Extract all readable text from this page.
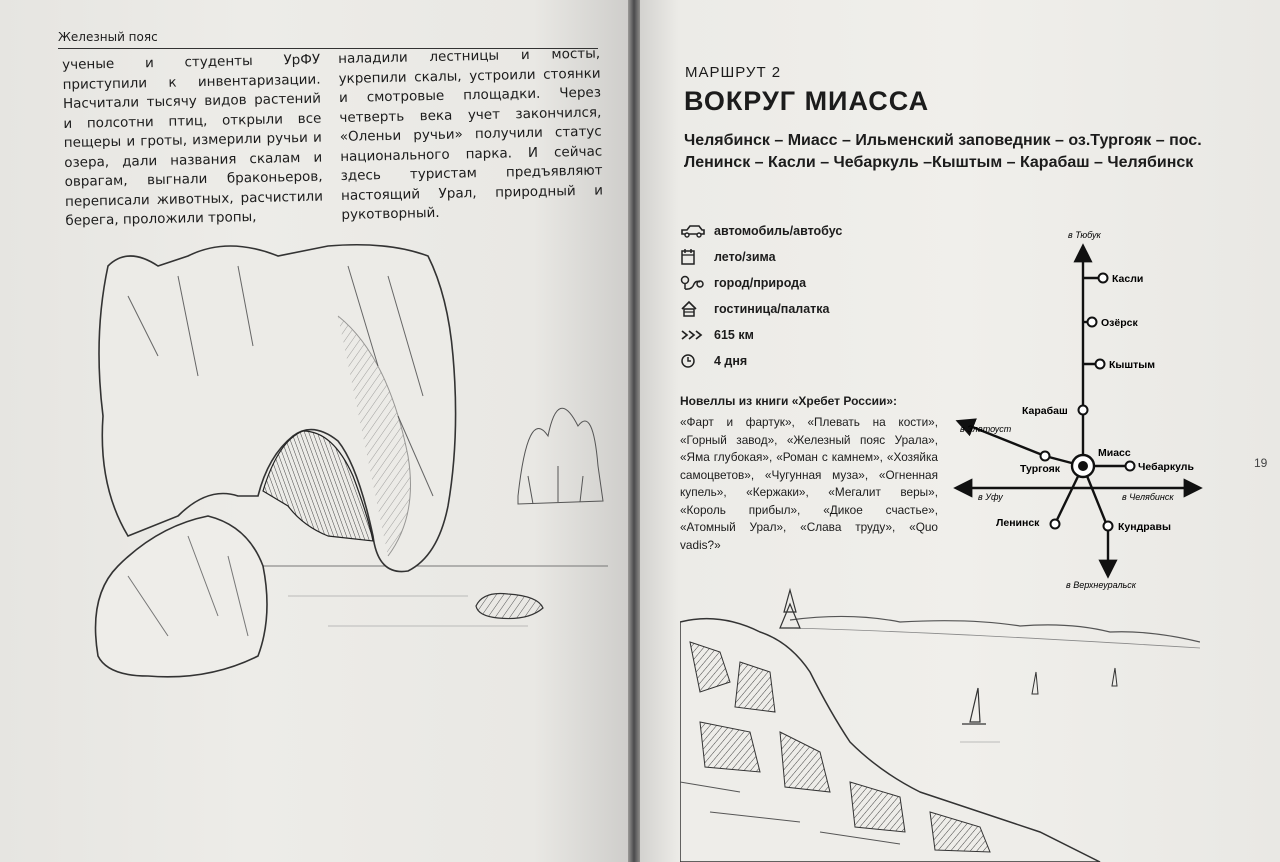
Железный пояс

ученые и студенты УрФУ приступили к инвентаризации. Насчитали тысячу видов растений и полсотни птиц, открыли все пещеры и гроты, измерили ручьи и озера, дали названия скалам и оврагам, выгнали браконьеров, переписали животных, расчистили берега, проложили тропы,

наладили лестницы и мосты, укрепили скалы, устроили стоянки и смотровые площадки. Через четверть века учет закончился, «Оленьи ручьи» получили статус национального парка. И сейчас здесь туристам предъявляют настоящий Урал, природный и рукотворный.

МАРШРУТ 2
ВОКРУГ МИАССА
Челябинск – Миасс – Ильменский заповедник – оз.Тургояк – пос. Ленинск – Касли – Чебаркуль –Кыштым – Карабаш – Челябинск
автомобиль/автобус
лето/зима
город/природа
гостиница/палатка
615 км
4 дня
Новеллы из книги «Хребет России»:
«Фарт и фартук», «Плевать на кости», «Горный завод», «Железный пояс Урала», «Яма глубокая», «Роман с камнем», «Хозяйка самоцветов», «Чугунная муза», «Огненная купель», «Кержаки», «Мегалит веры», «Король прибыл», «Дикое счастье», «Атомный Урал», «Слава труду», «Quo vadis?»
в Тюбук
Касли
Озёрск
Кыштым
Карабаш
в Златоуст
Миасс
Тургояк	Чебаркуль
в Уфу	в Челябинск
Ленинск	Кундравы
в Верхнеуральск
19
